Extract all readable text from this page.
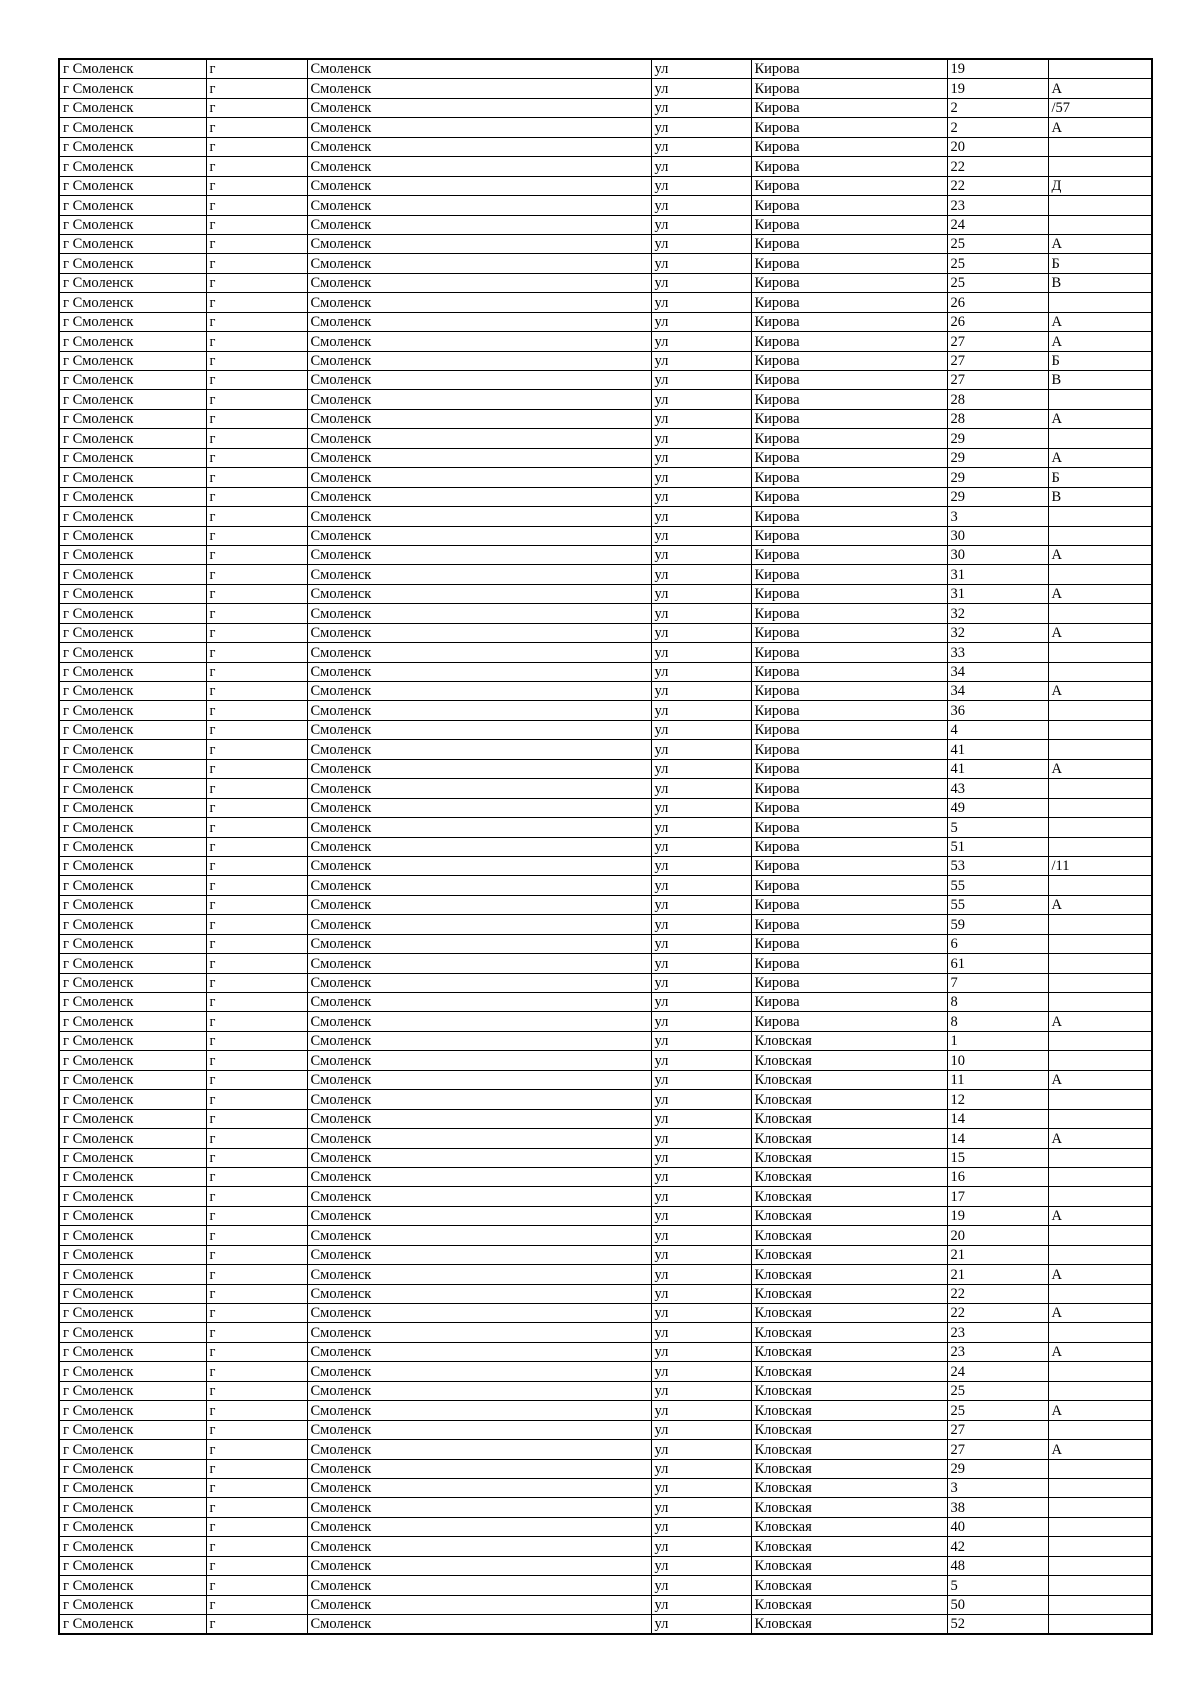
г Смоленск	г	Смоленск	ул	Кирова	19	
г Смоленск	г	Смоленск	ул	Кирова	19	А
г Смоленск	г	Смоленск	ул	Кирова	2	/57
г Смоленск	г	Смоленск	ул	Кирова	2	А
г Смоленск	г	Смоленск	ул	Кирова	20	
г Смоленск	г	Смоленск	ул	Кирова	22	
г Смоленск	г	Смоленск	ул	Кирова	22	Д
г Смоленск	г	Смоленск	ул	Кирова	23	
г Смоленск	г	Смоленск	ул	Кирова	24	
г Смоленск	г	Смоленск	ул	Кирова	25	А
г Смоленск	г	Смоленск	ул	Кирова	25	Б
г Смоленск	г	Смоленск	ул	Кирова	25	В
г Смоленск	г	Смоленск	ул	Кирова	26	
г Смоленск	г	Смоленск	ул	Кирова	26	А
г Смоленск	г	Смоленск	ул	Кирова	27	А
г Смоленск	г	Смоленск	ул	Кирова	27	Б
г Смоленск	г	Смоленск	ул	Кирова	27	В
г Смоленск	г	Смоленск	ул	Кирова	28	
г Смоленск	г	Смоленск	ул	Кирова	28	А
г Смоленск	г	Смоленск	ул	Кирова	29	
г Смоленск	г	Смоленск	ул	Кирова	29	А
г Смоленск	г	Смоленск	ул	Кирова	29	Б
г Смоленск	г	Смоленск	ул	Кирова	29	В
г Смоленск	г	Смоленск	ул	Кирова	3	
г Смоленск	г	Смоленск	ул	Кирова	30	
г Смоленск	г	Смоленск	ул	Кирова	30	А
г Смоленск	г	Смоленск	ул	Кирова	31	
г Смоленск	г	Смоленск	ул	Кирова	31	А
г Смоленск	г	Смоленск	ул	Кирова	32	
г Смоленск	г	Смоленск	ул	Кирова	32	А
г Смоленск	г	Смоленск	ул	Кирова	33	
г Смоленск	г	Смоленск	ул	Кирова	34	
г Смоленск	г	Смоленск	ул	Кирова	34	А
г Смоленск	г	Смоленск	ул	Кирова	36	
г Смоленск	г	Смоленск	ул	Кирова	4	
г Смоленск	г	Смоленск	ул	Кирова	41	
г Смоленск	г	Смоленск	ул	Кирова	41	А
г Смоленск	г	Смоленск	ул	Кирова	43	
г Смоленск	г	Смоленск	ул	Кирова	49	
г Смоленск	г	Смоленск	ул	Кирова	5	
г Смоленск	г	Смоленск	ул	Кирова	51	
г Смоленск	г	Смоленск	ул	Кирова	53	/11
г Смоленск	г	Смоленск	ул	Кирова	55	
г Смоленск	г	Смоленск	ул	Кирова	55	А
г Смоленск	г	Смоленск	ул	Кирова	59	
г Смоленск	г	Смоленск	ул	Кирова	6	
г Смоленск	г	Смоленск	ул	Кирова	61	
г Смоленск	г	Смоленск	ул	Кирова	7	
г Смоленск	г	Смоленск	ул	Кирова	8	
г Смоленск	г	Смоленск	ул	Кирова	8	А
г Смоленск	г	Смоленск	ул	Кловская	1	
г Смоленск	г	Смоленск	ул	Кловская	10	
г Смоленск	г	Смоленск	ул	Кловская	11	А
г Смоленск	г	Смоленск	ул	Кловская	12	
г Смоленск	г	Смоленск	ул	Кловская	14	
г Смоленск	г	Смоленск	ул	Кловская	14	А
г Смоленск	г	Смоленск	ул	Кловская	15	
г Смоленск	г	Смоленск	ул	Кловская	16	
г Смоленск	г	Смоленск	ул	Кловская	17	
г Смоленск	г	Смоленск	ул	Кловская	19	А
г Смоленск	г	Смоленск	ул	Кловская	20	
г Смоленск	г	Смоленск	ул	Кловская	21	
г Смоленск	г	Смоленск	ул	Кловская	21	А
г Смоленск	г	Смоленск	ул	Кловская	22	
г Смоленск	г	Смоленск	ул	Кловская	22	А
г Смоленск	г	Смоленск	ул	Кловская	23	
г Смоленск	г	Смоленск	ул	Кловская	23	А
г Смоленск	г	Смоленск	ул	Кловская	24	
г Смоленск	г	Смоленск	ул	Кловская	25	
г Смоленск	г	Смоленск	ул	Кловская	25	А
г Смоленск	г	Смоленск	ул	Кловская	27	
г Смоленск	г	Смоленск	ул	Кловская	27	А
г Смоленск	г	Смоленск	ул	Кловская	29	
г Смоленск	г	Смоленск	ул	Кловская	3	
г Смоленск	г	Смоленск	ул	Кловская	38	
г Смоленск	г	Смоленск	ул	Кловская	40	
г Смоленск	г	Смоленск	ул	Кловская	42	
г Смоленск	г	Смоленск	ул	Кловская	48	
г Смоленск	г	Смоленск	ул	Кловская	5	
г Смоленск	г	Смоленск	ул	Кловская	50	
г Смоленск	г	Смоленск	ул	Кловская	52	
